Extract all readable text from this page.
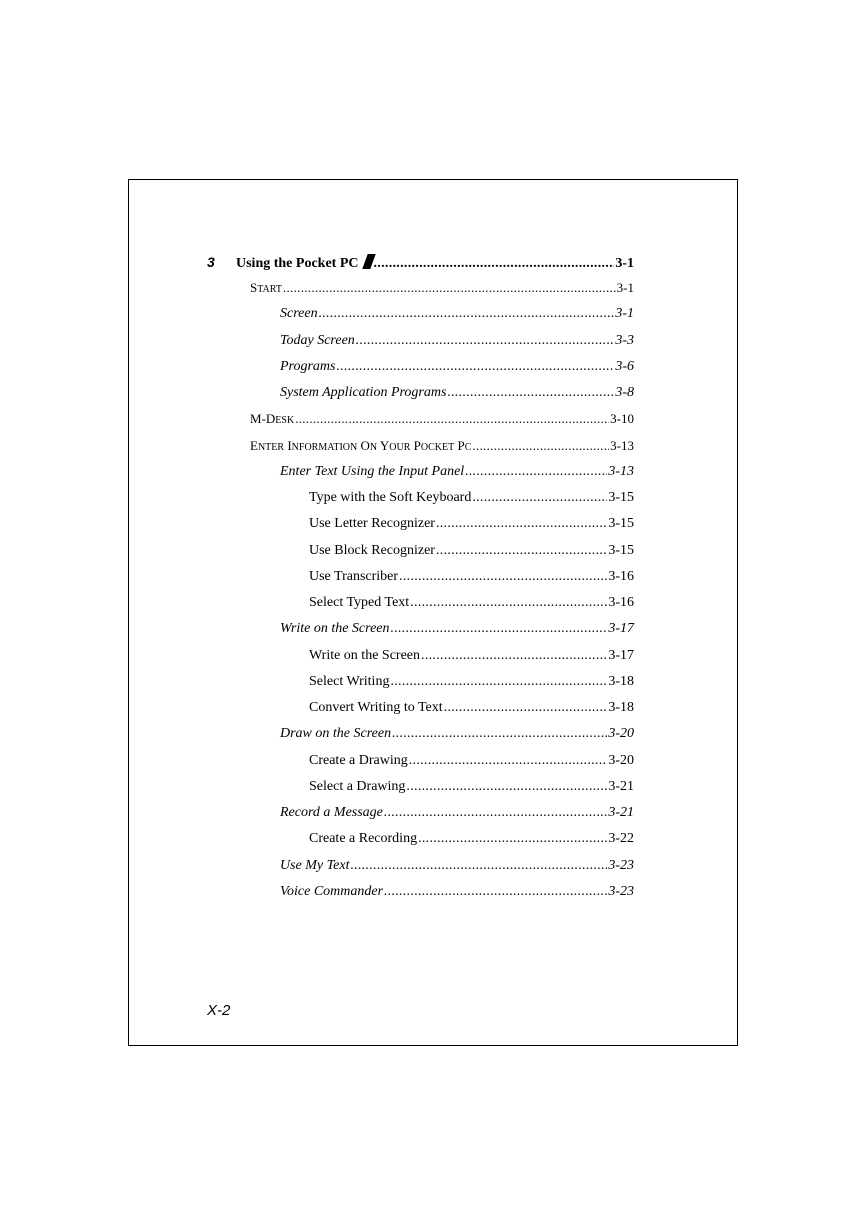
3 Using the Pocket PC .....	3-1
START .....	3-1
Screen .....	3-1
Today Screen .....	3-3
Programs .....	3-6
System Application Programs .....	3-8
M-DESK .....	3-10
ENTER INFORMATION ON YOUR POCKET PC .....	3-13
Enter Text Using the Input Panel .....	3-13
Type with the Soft Keyboard .....	3-15
Use Letter Recognizer .....	3-15
Use Block Recognizer .....	3-15
Use Transcriber .....	3-16
Select Typed Text .....	3-16
Write on the Screen .....	3-17
Write on the Screen .....	3-17
Select Writing .....	3-18
Convert Writing to Text .....	3-18
Draw on the Screen .....	3-20
Create a Drawing .....	3-20
Select a Drawing .....	3-21
Record a Message .....	3-21
Create a Recording .....	3-22
Use My Text .....	3-23
Voice Commander .....	3-23
X-2
